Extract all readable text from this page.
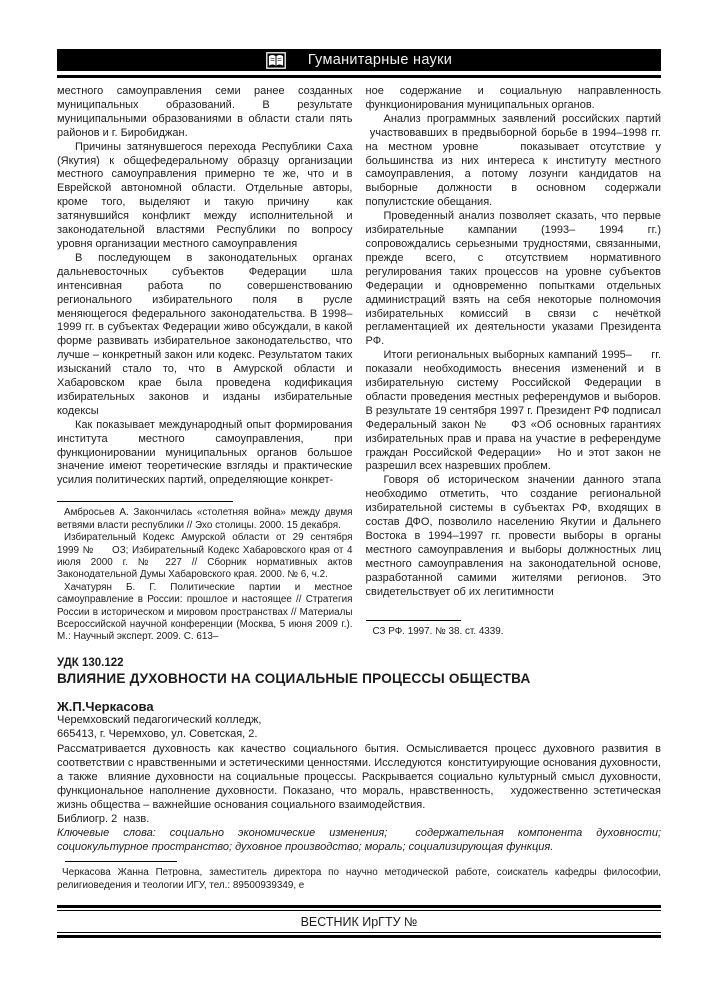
Гуманитарные науки

местного самоуправления семи ранее созданных муниципальных образований. В результате муниципальными образованиями в области стали пять районов и г. Биробиджан.

Причины затянувшегося перехода Республики Саха (Якутия) к общефедеральному образцу организации местного самоуправления примерно те же, что и в Еврейской автономной области. Отдельные авторы, кроме того, выделяют и такую причину  как затянувшийся конфликт между исполнительной и законодательной властями Республики по вопросу уровня организации местного самоуправления

В последующем в законодательных органах дальневосточных субъектов Федерации шла интенсивная работа по совершенствованию регионального избирательного поля в русле меняющегося федерального законодательства. В 1998– 1999 гг. в субъектах Федерации живо обсуждали, в какой форме развивать избирательное законодательство, что лучше – конкретный закон или кодекс. Результатом таких изысканий стало то, что в Амурской области и Хабаровском крае была проведена кодификация избирательных законов и изданы избирательные кодексы

Как показывает международный опыт формирования института местного самоуправления, при функционировании муниципальных органов большое значение имеют теоретические взгляды и практические усилия политических партий, определяющие конкрет-

Амбросьев А. Закончилась «столетняя война» между двумя ветвями власти республики // Эхо столицы. 2000. 15 декабря.

Избирательный Кодекс Амурской области от 29 сентября 1999 №     ОЗ; Избирательный Кодекс Хабаровского края от 4 июля 2000 г. № 227 // Сборник нормативных актов Законодательной Думы Хабаровского края. 2000. № 6, ч.2.

Хачатурян Б. Г. Политические партии и местное самоуправление в России: прошлое и настоящее // Стратегия России в историческом и мировом пространствах // Материалы Всероссийской научной конференции (Москва, 5 июня 2009 г.). М.: Научный эксперт. 2009. С. 613–

ное содержание и социальную направленность функционирования муниципальных органов.

Анализ программных заявлений российских партий  участвовавших в предвыборной борьбе в 1994–1998 гг. на местном уровне    показывает отсутствие у большинства из них интереса к институту местного самоуправления, а потому лозунги кандидатов на выборные должности в основном содержали популистские обещания.

Проведенный анализ позволяет сказать, что первые избирательные кампании (1993– 1994 гг.) сопровождались серьезными трудностями, связанными, прежде всего, с отсутствием нормативного регулирования таких процессов на уровне субъектов Федерации и одновременно попытками отдельных администраций взять на себя некоторые полномочия избирательных комиссий в связи с нечёткой регламентацией их деятельности указами Президента РФ.

Итоги региональных выборных кампаний 1995–     гг. показали необходимость внесения изменений и в избирательную систему Российской Федерации в области проведения местных референдумов и выборов. В результате 19 сентября 1997 г. Президент РФ подписал Федеральный закон №     ФЗ «Об основных гарантиях избирательных прав и права на участие в референдуме граждан Российской Федерации»   Но и этот закон не разрешил всех назревших проблем.

Говоря об историческом значении данного этапа необходимо отметить, что создание региональной избирательной системы в субъектах РФ, входящих в состав ДФО, позволило населению Якутии и Дальнего Востока в 1994–1997 гг. провести выборы в органы местного самоуправления и выборы должностных лиц местного самоуправления на законодательной основе, разработанной самими жителями регионов. Это свидетельствует об их легитимности

СЗ РФ. 1997. № 38. ст. 4339.

УДК 130.122

ВЛИЯНИЕ ДУХОВНОСТИ НА СОЦИАЛЬНЫЕ ПРОЦЕССЫ ОБЩЕСТВА

Ж.П.Черкасова

Черемховский педагогический колледж,

665413, г. Черемхово, ул. Советская, 2.

Рассматривается духовность как качество социального бытия. Осмысливается процесс духовного развития в соответствии с нравственными и эстетическими ценностями. Исследуются  конституирующие основания духовности, а также  влияние духовности на социальные процессы. Раскрывается социально культурный смысл духовности, функциональное наполнение духовности. Показано, что мораль, нравственность,   художественно эстетическая жизнь общества – важнейшие основания социального взаимодействия.

Библиогр. 2  назв.

Ключевые слова: социально экономические изменения;  содержательная компонента духовности; социокультурное пространство; духовное производство; мораль; социализирующая функция.

Черкасова Жанна Петровна, заместитель директора по научно методической работе, соискатель кафедры философии, религиоведения и теологии ИГУ, тел.: 89500939349, е

ВЕСТНИК ИрГТУ №
